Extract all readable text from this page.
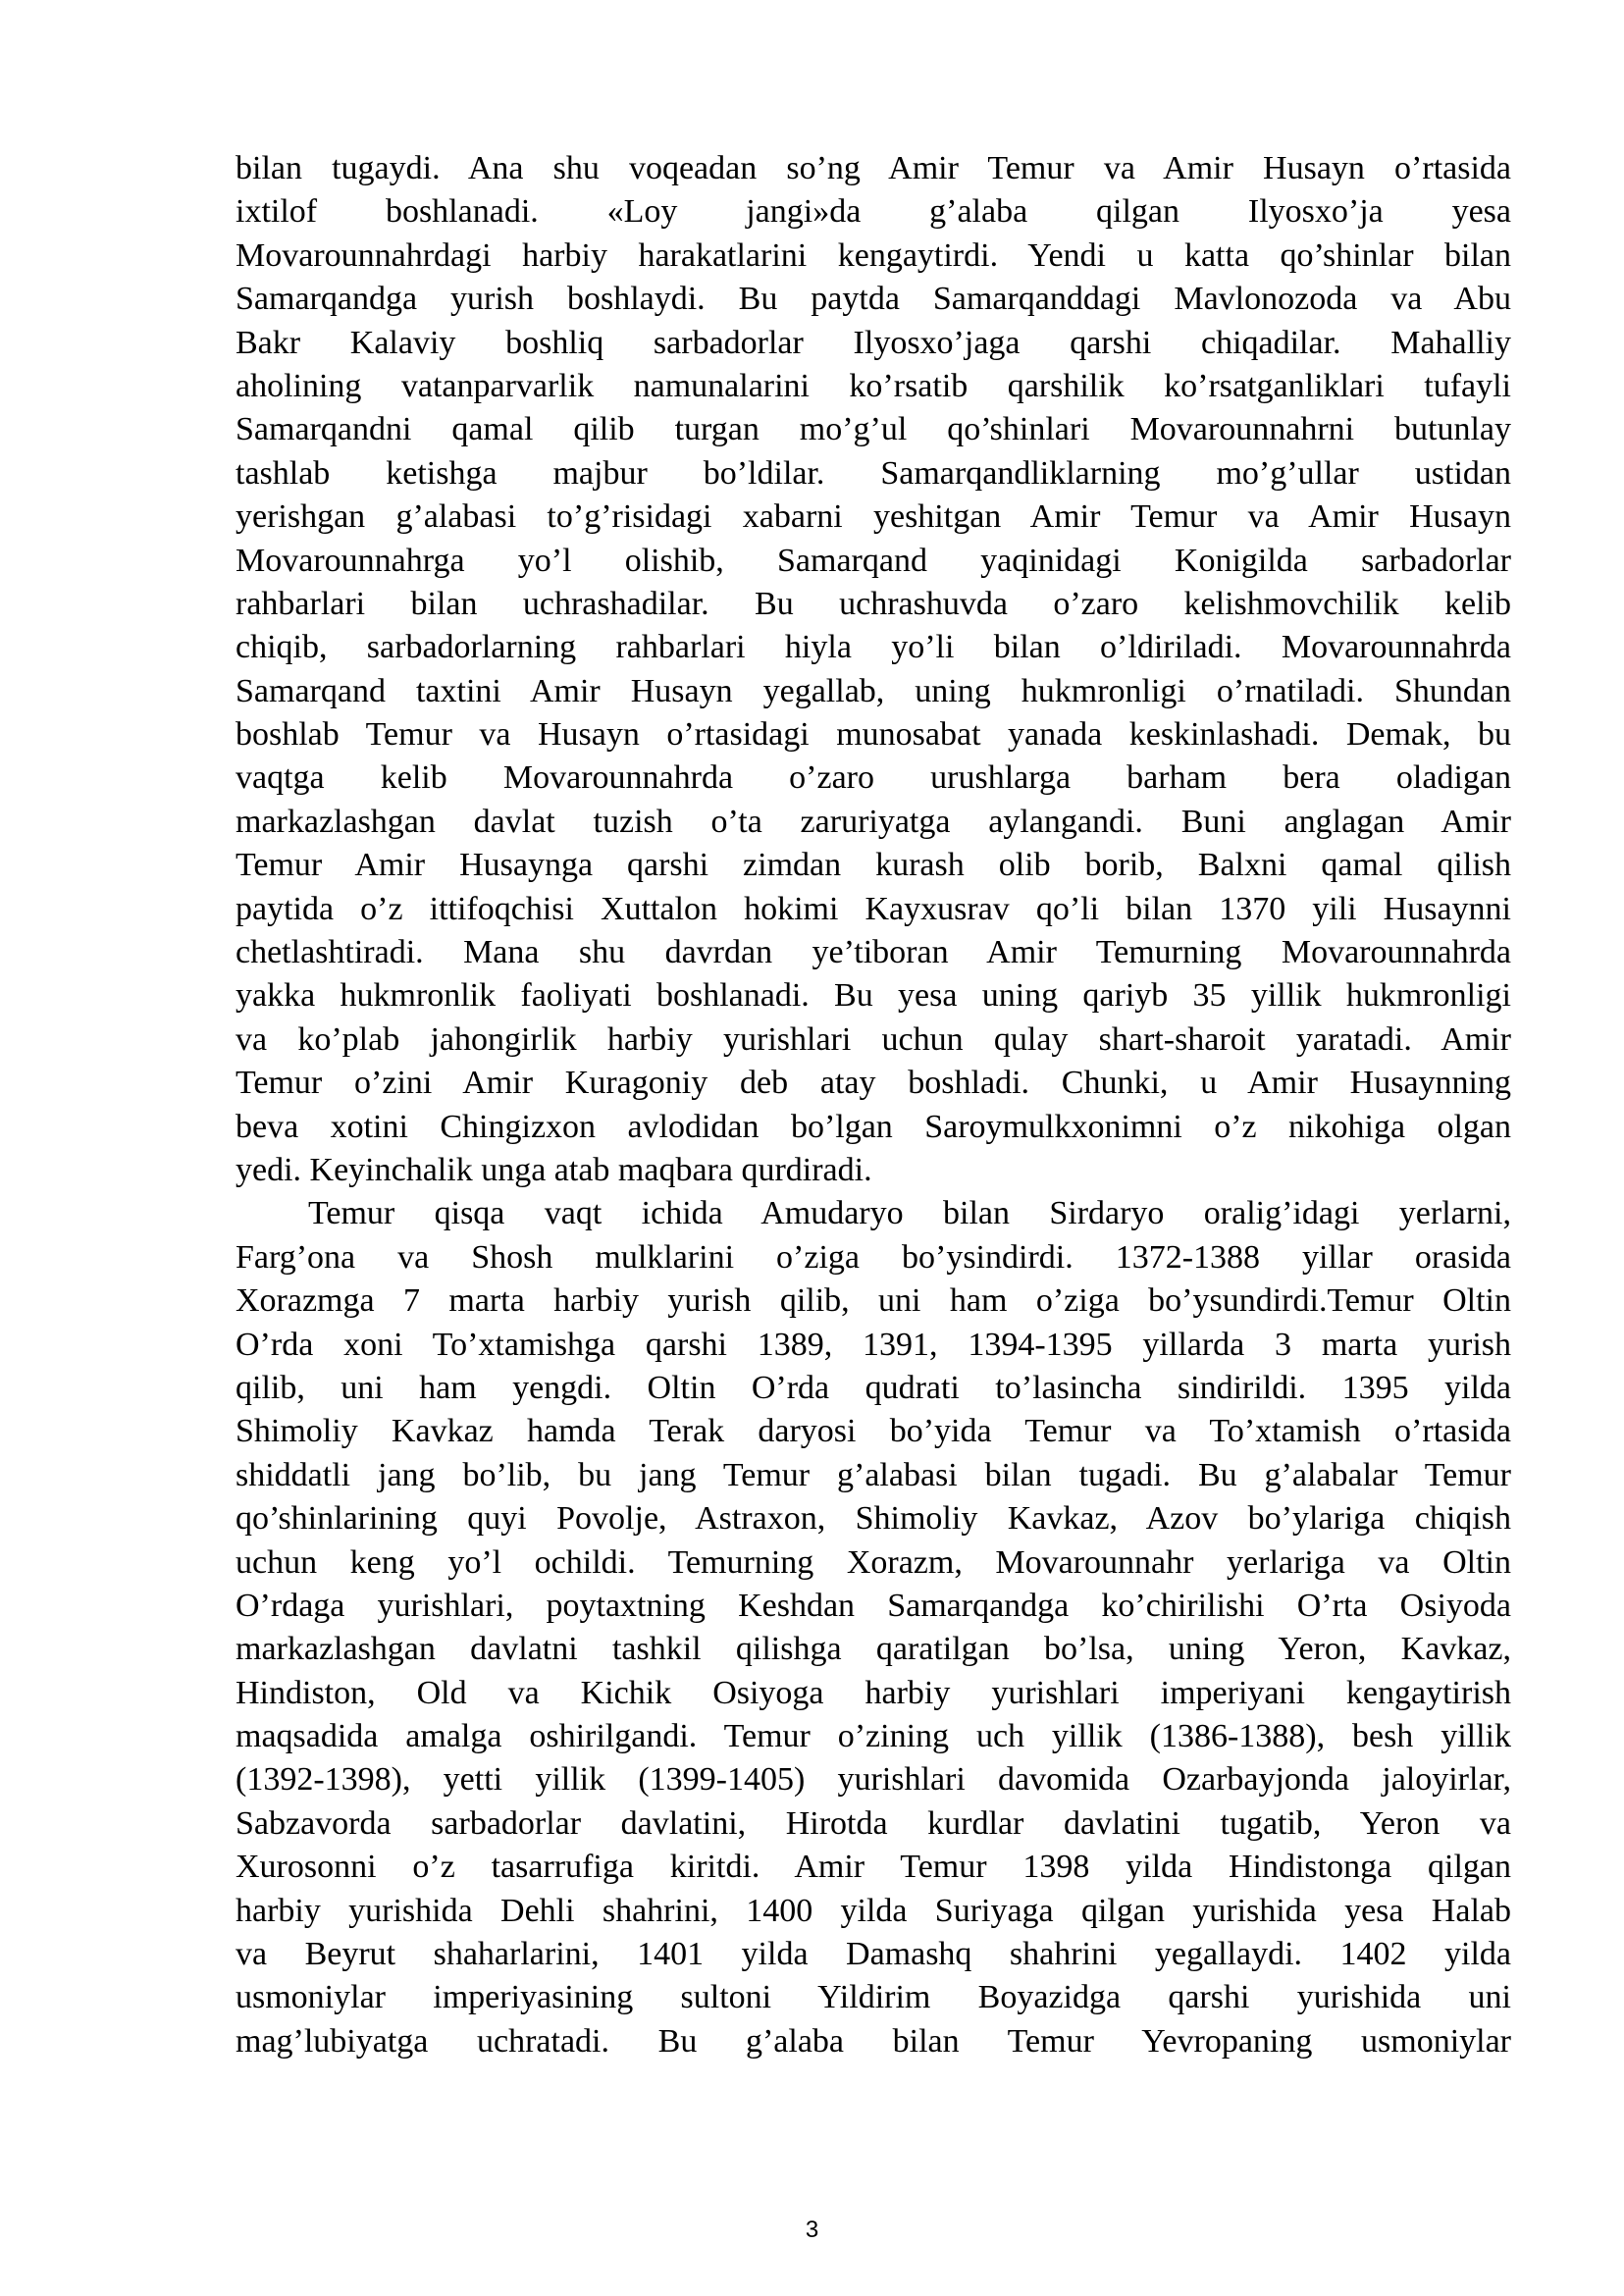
bilan tugaydi. Ana shu voqeadan so’ng Amir Temur va Amir Husayn o’rtasida
ixtilof boshlanadi. «Loy jangi»da g’alaba qilgan Ilyosxo’ja yesa
Movarounnahrdagi harbiy harakatlarini kengaytirdi. Yendi u katta qo’shinlar bilan
Samarqandga yurish boshlaydi. Bu paytda Samarqanddagi Mavlonozoda va Abu
Bakr Kalaviy boshliq sarbadorlar Ilyosxo’jaga qarshi chiqadilar. Mahalliy
aholining vatanparvarlik namunalarini ko’rsatib qarshilik ko’rsatganliklari tufayli
Samarqandni qamal qilib turgan mo’g’ul qo’shinlari Movarounnahrni butunlay
tashlab ketishga majbur bo’ldilar. Samarqandliklarning mo’g’ullar ustidan
yerishgan g’alabasi to’g’risidagi xabarni yeshitgan Amir Temur va Amir Husayn
Movarounnahrga yo’l olishib, Samarqand yaqinidagi Konigilda sarbadorlar
rahbarlari bilan uchrashadilar. Bu uchrashuvda o’zaro kelishmovchilik kelib
chiqib, sarbadorlarning rahbarlari hiyla yo’li bilan o’ldiriladi. Movarounnahrda
Samarqand taxtini Amir Husayn yegallab, uning hukmronligi o’rnatiladi. Shundan
boshlab Temur va Husayn o’rtasidagi munosabat yanada keskinlashadi. Demak, bu
vaqtga kelib Movarounnahrda o’zaro urushlarga barham bera oladigan
markazlashgan davlat tuzish o’ta zaruriyatga aylangandi. Buni anglagan Amir
Temur Amir Husaynga qarshi zimdan kurash olib borib, Balxni qamal qilish
paytida o’z ittifoqchisi Xuttalon hokimi Kayxusrav qo’li bilan 1370 yili Husaynni
chetlashtiradi. Mana shu davrdan ye’tiboran Amir Temurning Movarounnahrda
yakka hukmronlik faoliyati boshlanadi. Bu yesa uning qariyb 35 yillik hukmronligi
va ko’plab jahongirlik harbiy yurishlari uchun qulay shart-sharoit yaratadi. Amir
Temur o’zini Amir Kuragoniy deb atay boshladi. Chunki, u Amir Husaynning
beva xotini Chingizxon avlodidan bo’lgan Saroymulkxonimni o’z nikohiga olgan
yedi. Keyinchalik unga atab maqbara qurdiradi.
Temur qisqa vaqt ichida Amudaryo bilan Sirdaryo oralig’idagi yerlarni,
Farg’ona va Shosh mulklarini o’ziga bo’ysindirdi. 1372-1388 yillar orasida
Xorazmga 7 marta harbiy yurish qilib, uni ham o’ziga bo’ysundirdi.Temur Oltin
O’rda xoni To’xtamishga qarshi 1389, 1391, 1394-1395 yillarda 3 marta yurish
qilib, uni ham yengdi. Oltin O’rda qudrati to’lasincha sindirildi. 1395 yilda
Shimoliy Kavkaz hamda Terak daryosi bo’yida Temur va To’xtamish o’rtasida
shiddatli jang bo’lib, bu jang Temur g’alabasi bilan tugadi. Bu g’alabalar Temur
qo’shinlarining quyi Povolje, Astraxon, Shimoliy Kavkaz, Azov bo’ylariga chiqish
uchun keng yo’l ochildi. Temurning Xorazm, Movarounnahr yerlariga va Oltin
O’rdaga yurishlari, poytaxtning Keshdan Samarqandga ko’chirilishi O’rta Osiyoda
markazlashgan davlatni tashkil qilishga qaratilgan bo’lsa, uning Yeron, Kavkaz,
Hindiston, Old va Kichik Osiyoga harbiy yurishlari imperiyani kengaytirish
maqsadida amalga oshirilgandi. Temur o’zining uch yillik (1386-1388), besh yillik
(1392-1398), yetti yillik (1399-1405) yurishlari davomida Ozarbayjonda jaloyirlar,
Sabzavorda sarbadorlar davlatini, Hirotda kurdlar davlatini tugatib, Yeron va
Xurosonni o’z tasarrufiga kiritdi. Amir Temur 1398 yilda Hindistonga qilgan
harbiy yurishida Dehli shahrini, 1400 yilda Suriyaga qilgan yurishida yesa Halab
va Beyrut shaharlarini, 1401 yilda Damashq shahrini yegallaydi. 1402 yilda
usmoniylar imperiyasining sultoni Yildirim Boyazidga qarshi yurishida uni
mag’lubiyatga uchratadi. Bu g’alaba bilan Temur Yevropaning usmoniylar
3
